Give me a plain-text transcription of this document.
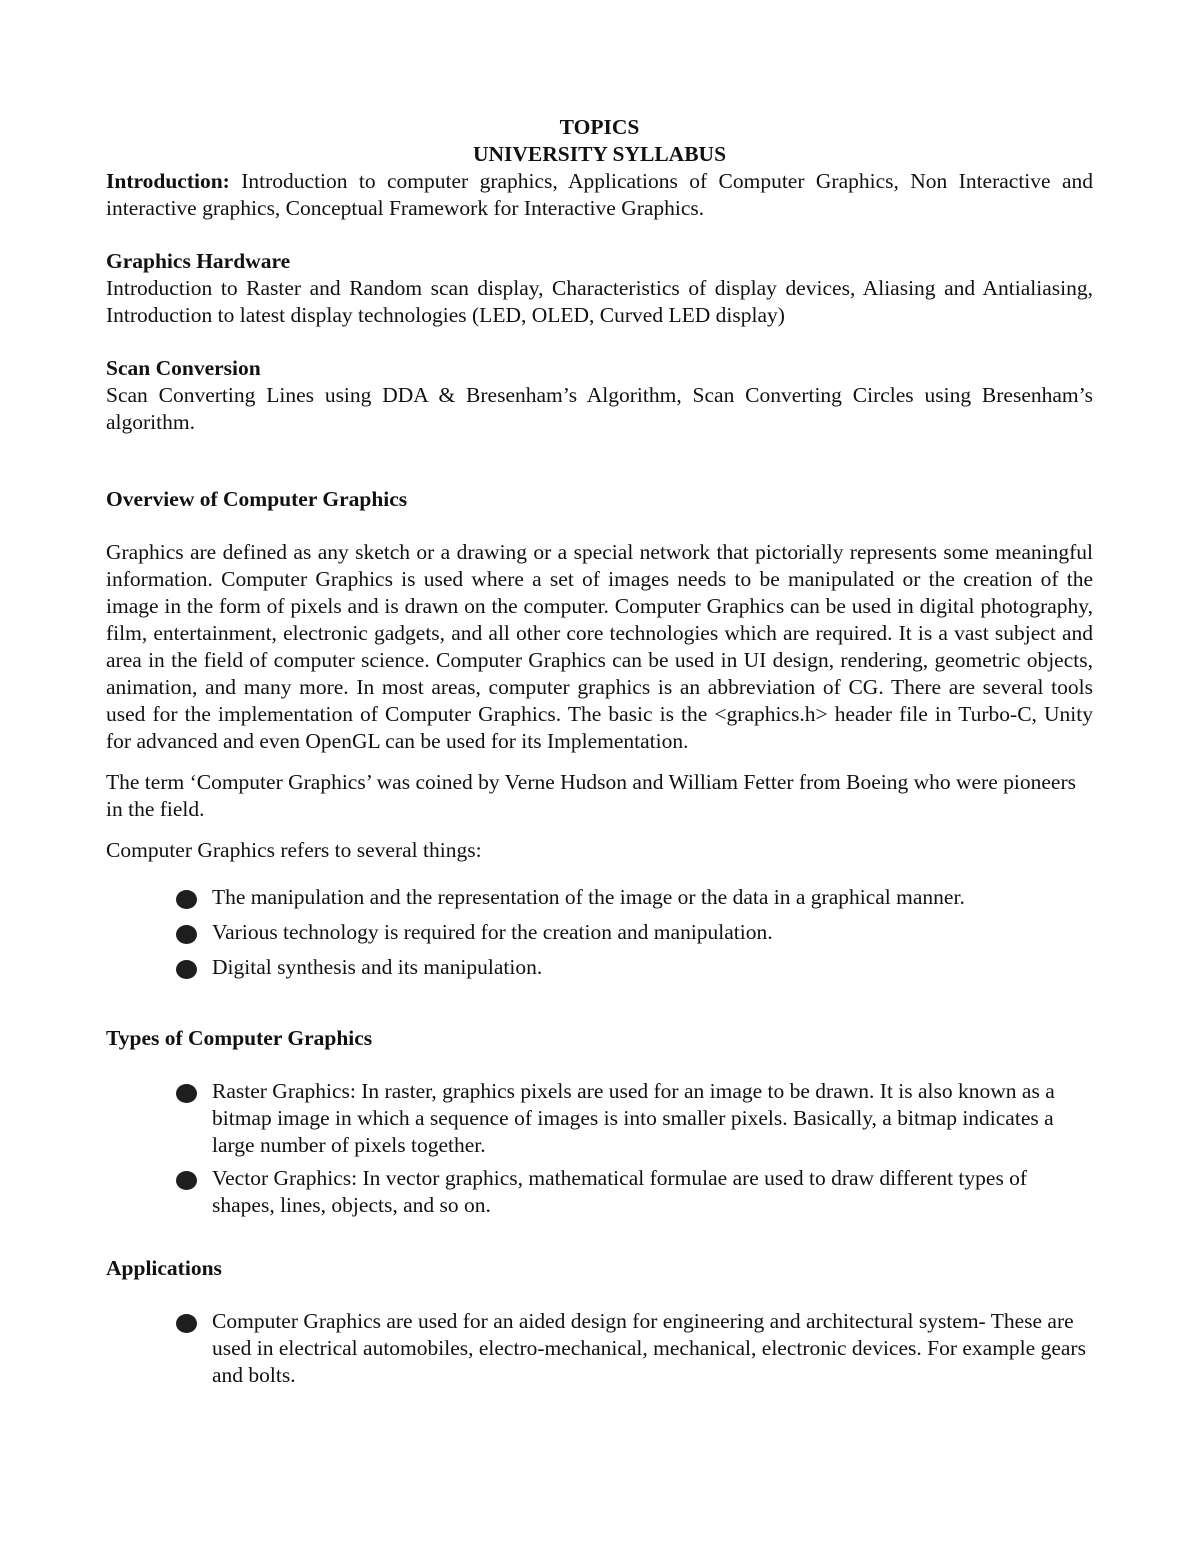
TOPICS

UNIVERSITY SYLLABUS

Introduction: Introduction to computer graphics, Applications of Computer Graphics, Non Interactive and interactive graphics, Conceptual Framework for Interactive Graphics.

Graphics Hardware

Introduction to Raster and Random scan display, Characteristics of display devices, Aliasing and Antialiasing, Introduction to latest display technologies (LED, OLED, Curved LED display)

Scan Conversion

Scan Converting Lines using DDA & Bresenham’s Algorithm, Scan Converting Circles using Bresenham’s algorithm.

Overview of Computer Graphics

Graphics are defined as any sketch or a drawing or a special network that pictorially represents some meaningful information. Computer Graphics is used where a set of images needs to be manipulated or the creation of the image in the form of pixels and is drawn on the computer. Computer Graphics can be used in digital photography, film, entertainment, electronic gadgets, and all other core technologies which are required. It is a vast subject and area in the field of computer science. Computer Graphics can be used in UI design, rendering, geometric objects, animation, and many more. In most areas, computer graphics is an abbreviation of CG. There are several tools used for the implementation of Computer Graphics. The basic is the <graphics.h> header file in Turbo-C, Unity for advanced and even OpenGL can be used for its Implementation.

The term ‘Computer Graphics’ was coined by Verne Hudson and William Fetter from Boeing who were pioneers in the field.

Computer Graphics refers to several things:

The manipulation and the representation of the image or the data in a graphical manner.
Various technology is required for the creation and manipulation.
Digital synthesis and its manipulation.

Types of Computer Graphics

Raster Graphics: In raster, graphics pixels are used for an image to be drawn. It is also known as a bitmap image in which a sequence of images is into smaller pixels. Basically, a bitmap indicates a large number of pixels together.
Vector Graphics: In vector graphics, mathematical formulae are used to draw different types of shapes, lines, objects, and so on.

Applications

Computer Graphics are used for an aided design for engineering and architectural system- These are used in electrical automobiles, electro-mechanical, mechanical, electronic devices. For example gears and bolts.
